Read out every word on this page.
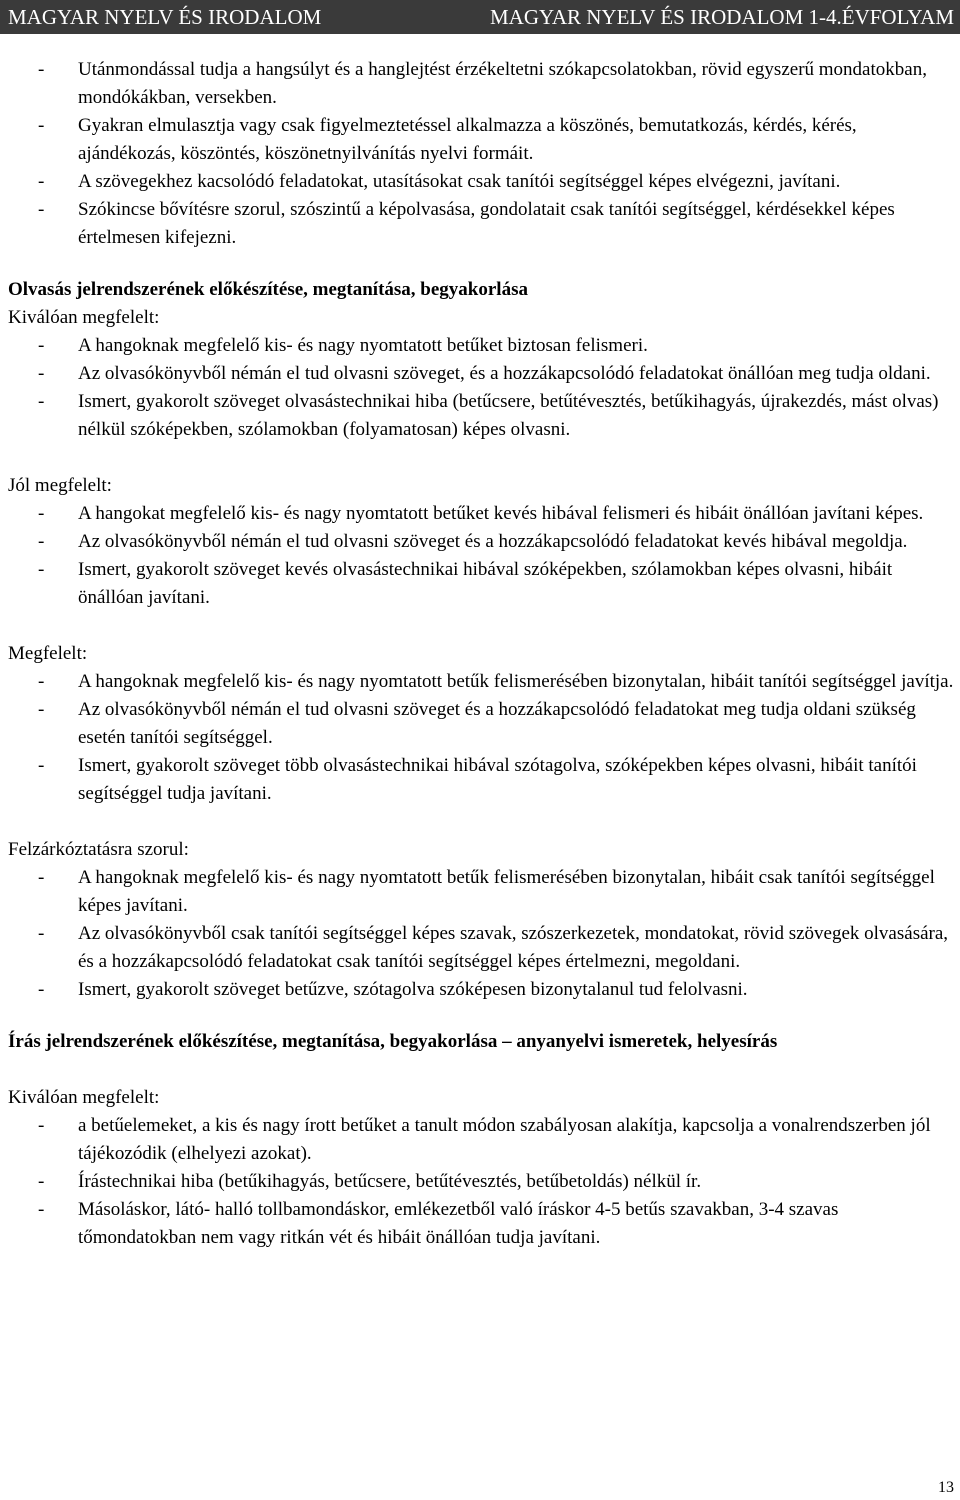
MAGYAR NYELV ÉS IRODALOM	MAGYAR NYELV ÉS IRODALOM 1-4.ÉVFOLYAM
- Utánmondással tudja a hangsúlyt és a hanglejtést érzékeltetni szókapcsolatokban, rövid egyszerű mondatokban, mondókákban, versekben.
- Gyakran elmulasztja vagy csak figyelmeztetéssel alkalmazza a köszönés, bemutatkozás, kérdés, kérés, ajándékozás, köszöntés, köszönetnyilvánítás nyelvi formáit.
- A szövegekhez kacsolódó feladatokat, utasításokat csak tanítói segítséggel képes elvégezni, javítani.
- Szókincse bővítésre szorul, szószintű a képolvasása, gondolatait csak tanítói segítséggel, kérdésekkel képes értelmesen kifejezni.
Olvasás jelrendszerének előkészítése, megtanítása, begyakorlása
Kiválóan megfelelt:
- A hangoknak megfelelő kis- és nagy nyomtatott betűket biztosan felismeri.
- Az olvasókönyvből némán el tud olvasni szöveget, és a hozzákapcsolódó feladatokat önállóan meg tudja oldani.
- Ismert, gyakorolt szöveget olvasástechnikai hiba (betűcsere, betűtévesztés, betűkihagyás, újrakezdés, mást olvas) nélkül szóképekben, szólamokban (folyamatosan) képes olvasni.
Jól megfelelt:
- A hangokat megfelelő kis- és nagy nyomtatott betűket kevés hibával felismeri és hibáit önállóan javítani képes.
- Az olvasókönyvből némán el tud olvasni szöveget és a hozzákapcsolódó feladatokat kevés hibával megoldja.
- Ismert, gyakorolt szöveget kevés olvasástechnikai hibával szóképekben, szólamokban képes olvasni, hibáit önállóan javítani.
Megfelelt:
- A hangoknak megfelelő kis- és nagy nyomtatott betűk felismerésében bizonytalan, hibáit tanítói segítséggel javítja.
- Az olvasókönyvből némán el tud olvasni szöveget és a hozzákapcsolódó feladatokat meg tudja oldani szükség esetén tanítói segítséggel.
- Ismert, gyakorolt szöveget több olvasástechnikai hibával szótagolva, szóképekben képes olvasni, hibáit tanítói segítséggel tudja javítani.
Felzárkóztatásra szorul:
- A hangoknak megfelelő kis- és nagy nyomtatott betűk felismerésében bizonytalan, hibáit csak tanítói segítséggel képes javítani.
- Az olvasókönyvből csak tanítói segítséggel képes szavak, szószerkezetek, mondatokat, rövid szövegek olvasására, és a hozzákapcsolódó feladatokat csak tanítói segítséggel képes értelmezni, megoldani.
- Ismert, gyakorolt szöveget betűzve, szótagolva szóképesen bizonytalanul tud felolvasni.
Írás jelrendszerének előkészítése, megtanítása, begyakorlása – anyanyelvi ismeretek, helyesírás
Kiválóan megfelelt:
- a betűelemeket, a kis és nagy írott betűket a tanult módon szabályosan alakítja, kapcsolja a vonalrendszerben jól tájékozódik (elhelyezi azokat).
- Írástechnikai hiba (betűkihagyás, betűcsere, betűtévesztés, betűbetoldás) nélkül ír.
- Másoláskor, látó- halló tollbamondáskor, emlékezetből való íráskor 4-5 betűs szavakban, 3-4 szavas tőmondatokban nem vagy ritkán vét és hibáit önállóan tudja javítani.
13
